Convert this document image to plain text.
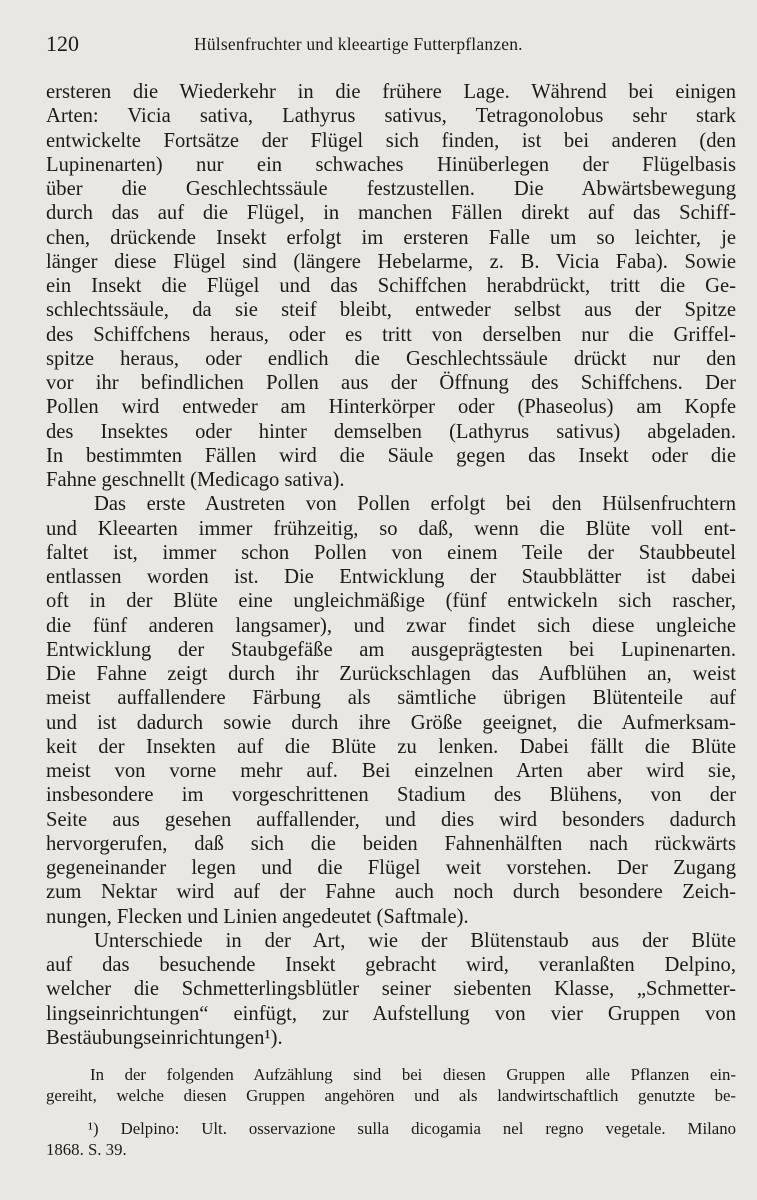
120	Hülsenfruchter und kleeartige Futterpflanzen.
ersteren die Wiederkehr in die frühere Lage. Während bei einigen
Arten: Vicia sativa, Lathyrus sativus, Tetragonolobus sehr stark
entwickelte Fortsätze der Flügel sich finden, ist bei anderen (den
Lupinenarten) nur ein schwaches Hinüberlegen der Flügelbasis
über die Geschlechtssäule festzustellen. Die Abwärtsbewegung
durch das auf die Flügel, in manchen Fällen direkt auf das Schiff-
chen, drückende Insekt erfolgt im ersteren Falle um so leichter, je
länger diese Flügel sind (längere Hebelarme, z. B. Vicia Faba). Sowie
ein Insekt die Flügel und das Schiffchen herabdrückt, tritt die Ge-
schlechtssäule, da sie steif bleibt, entweder selbst aus der Spitze
des Schiffchens heraus, oder es tritt von derselben nur die Griffel-
spitze heraus, oder endlich die Geschlechtssäule drückt nur den
vor ihr befindlichen Pollen aus der Öffnung des Schiffchens. Der
Pollen wird entweder am Hinterkörper oder (Phaseolus) am Kopfe
des Insektes oder hinter demselben (Lathyrus sativus) abgeladen.
In bestimmten Fällen wird die Säule gegen das Insekt oder die
Fahne geschnellt (Medicago sativa).
Das erste Austreten von Pollen erfolgt bei den Hülsenfruchtern
und Kleearten immer frühzeitig, so daß, wenn die Blüte voll ent-
faltet ist, immer schon Pollen von einem Teile der Staubbeutel
entlassen worden ist. Die Entwicklung der Staubblätter ist dabei
oft in der Blüte eine ungleichmäßige (fünf entwickeln sich rascher,
die fünf anderen langsamer), und zwar findet sich diese ungleiche
Entwicklung der Staubgefäße am ausgeprägtesten bei Lupinenarten.
Die Fahne zeigt durch ihr Zurückschlagen das Aufblühen an, weist
meist auffallendere Färbung als sämtliche übrigen Blütenteile auf
und ist dadurch sowie durch ihre Größe geeignet, die Aufmerksam-
keit der Insekten auf die Blüte zu lenken. Dabei fällt die Blüte
meist von vorne mehr auf. Bei einzelnen Arten aber wird sie,
insbesondere im vorgeschrittenen Stadium des Blühens, von der
Seite aus gesehen auffallender, und dies wird besonders dadurch
hervorgerufen, daß sich die beiden Fahnenhälften nach rückwärts
gegeneinander legen und die Flügel weit vorstehen. Der Zugang
zum Nektar wird auf der Fahne auch noch durch besondere Zeich-
nungen, Flecken und Linien angedeutet (Saftmale).
Unterschiede in der Art, wie der Blütenstaub aus der Blüte
auf das besuchende Insekt gebracht wird, veranlaßten Delpino,
welcher die Schmetterlingsblütler seiner siebenten Klasse, „Schmetter-
lingseinrichtungen“ einfügt, zur Aufstellung von vier Gruppen von
Bestäubungseinrichtungen¹).
In der folgenden Aufzählung sind bei diesen Gruppen alle Pflanzen ein-
gereiht, welche diesen Gruppen angehören und als landwirtschaftlich genutzte be-
¹) Delpino: Ult. osservazione sulla dicogamia nel regno vegetale. Milano
1868. S. 39.
